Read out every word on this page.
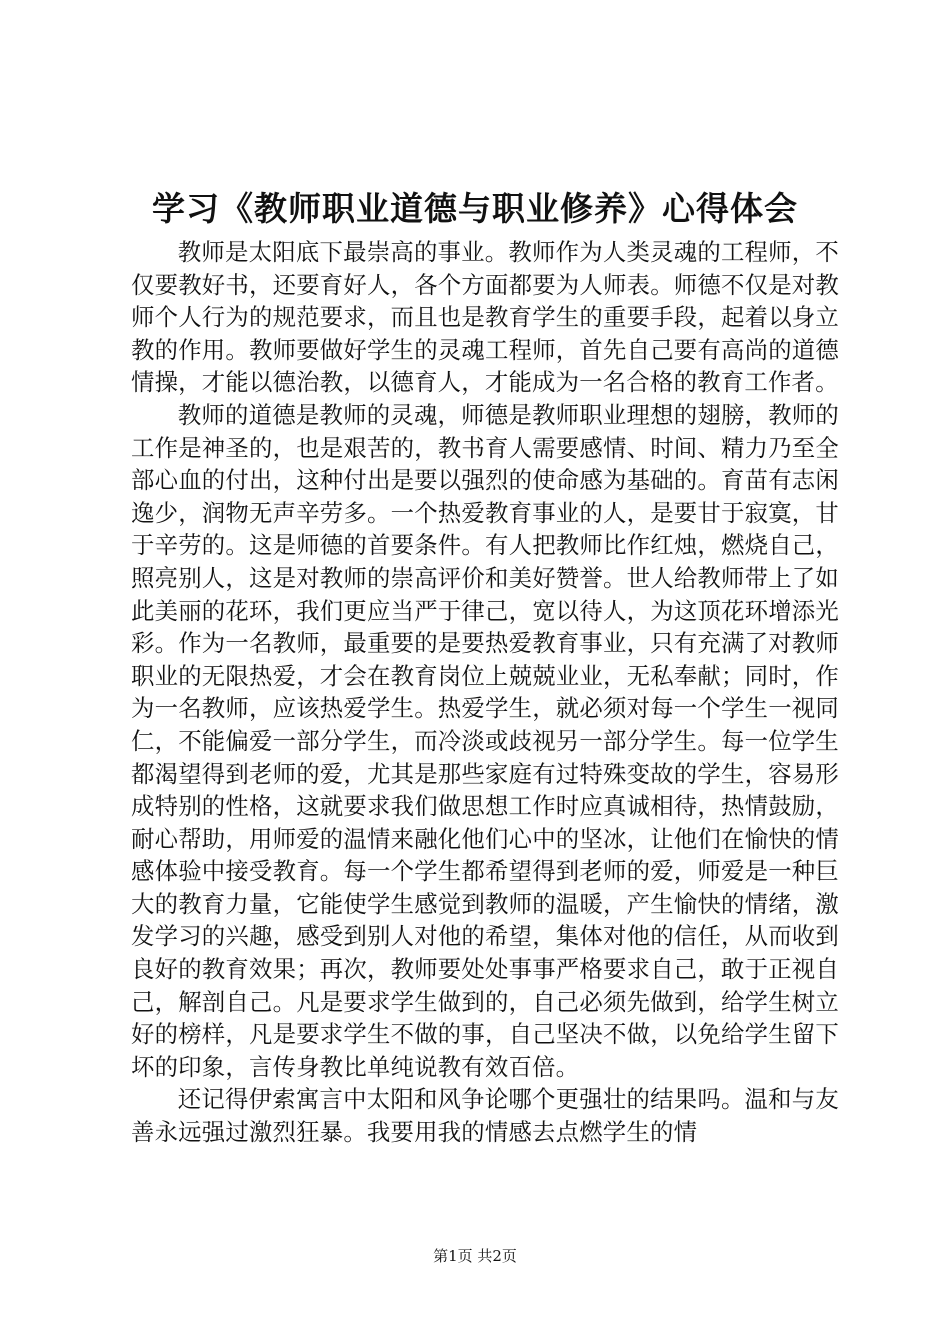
学习《教师职业道德与职业修养》心得体会

教师是太阳底下最崇高的事业。教师作为人类灵魂的工程师，不仅要教好书，还要育好人，各个方面都要为人师表。师德不仅是对教师个人行为的规范要求，而且也是教育学生的重要手段，起着以身立教的作用。教师要做好学生的灵魂工程师，首先自己要有高尚的道德情操，才能以德治教，以德育人，才能成为一名合格的教育工作者。

教师的道德是教师的灵魂，师德是教师职业理想的翅膀，教师的工作是神圣的，也是艰苦的，教书育人需要感情、时间、精力乃至全部心血的付出，这种付出是要以强烈的使命感为基础的。育苗有志闲逸少，润物无声辛劳多。一个热爱教育事业的人，是要甘于寂寞，甘于辛劳的。这是师德的首要条件。有人把教师比作红烛，燃烧自己，照亮别人，这是对教师的崇高评价和美好赞誉。世人给教师带上了如此美丽的花环，我们更应当严于律己，宽以待人，为这顶花环增添光彩。作为一名教师，最重要的是要热爱教育事业，只有充满了对教师职业的无限热爱，才会在教育岗位上兢兢业业，无私奉献；同时，作为一名教师，应该热爱学生。热爱学生，就必须对每一个学生一视同仁，不能偏爱一部分学生，而冷淡或歧视另一部分学生。每一位学生都渴望得到老师的爱，尤其是那些家庭有过特殊变故的学生，容易形成特别的性格，这就要求我们做思想工作时应真诚相待，热情鼓励，耐心帮助，用师爱的温情来融化他们心中的坚冰，让他们在愉快的情感体验中接受教育。每一个学生都希望得到老师的爱，师爱是一种巨大的教育力量，它能使学生感觉到教师的温暖，产生愉快的情绪，激发学习的兴趣，感受到别人对他的希望，集体对他的信任，从而收到良好的教育效果；再次，教师要处处事事严格要求自己，敢于正视自己，解剖自己。凡是要求学生做到的，自己必须先做到，给学生树立好的榜样，凡是要求学生不做的事，自己坚决不做，以免给学生留下坏的印象，言传身教比单纯说教有效百倍。

还记得伊索寓言中太阳和风争论哪个更强壮的结果吗。温和与友善永远强过激烈狂暴。我要用我的情感去点燃学生的情

第1页 共2页
